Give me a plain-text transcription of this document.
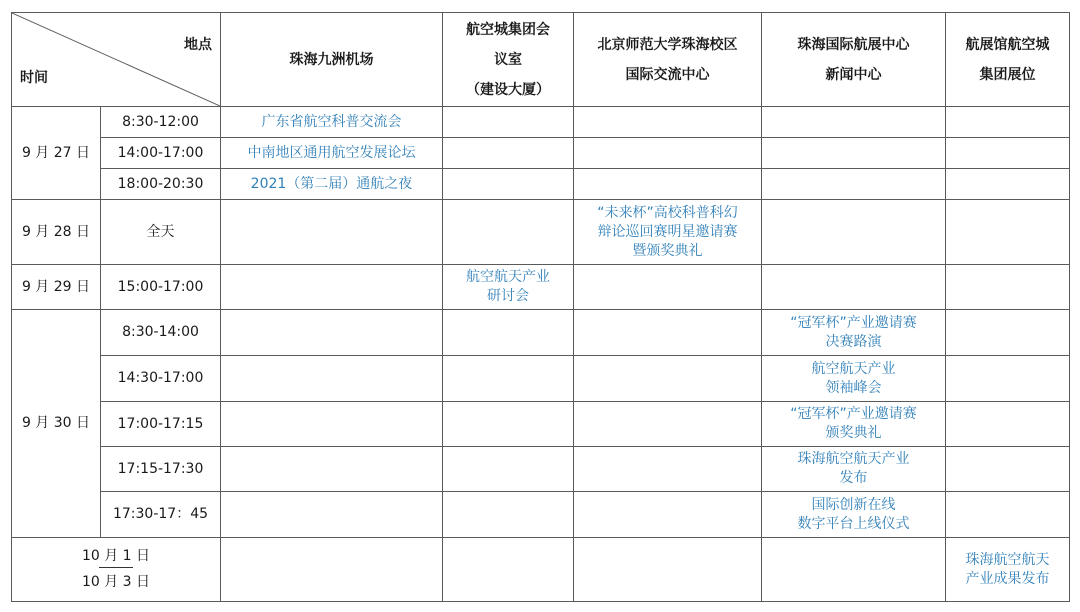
地点
时间		珠海九洲机场	航空城集团会
议室
（建设大厦）	北京师范大学珠海校区
国际交流中心	珠海国际航展中心
新闻中心	航展馆航空城
集团展位

9 月 27 日	8:30-12:00	广东省航空科普交流会				
	14:00-17:00	中南地区通用航空发展论坛				
	18:00-20:30	2021（第二届）通航之夜				
9 月 28 日	全天			“未来杯”高校科普科幻
辩论巡回赛明星邀请赛
暨颁奖典礼		

9 月 29 日	15:00-17:00		航空航天产业
研讨会			

9 月 30 日	8:30-14:00				“冠军杯”产业邀请赛
决赛路演	

	14:30-17:00				航空航天产业
领袖峰会	

	17:00-17:15				“冠军杯”产业邀请赛
颁奖典礼	

	17:15-17:30				珠海航空航天产业
发布	

	17:30-17：45				国际创新在线
数字平台上线仪式	

10 月 1 日
10 月 3 日						珠海航空航天
产业成果发布
